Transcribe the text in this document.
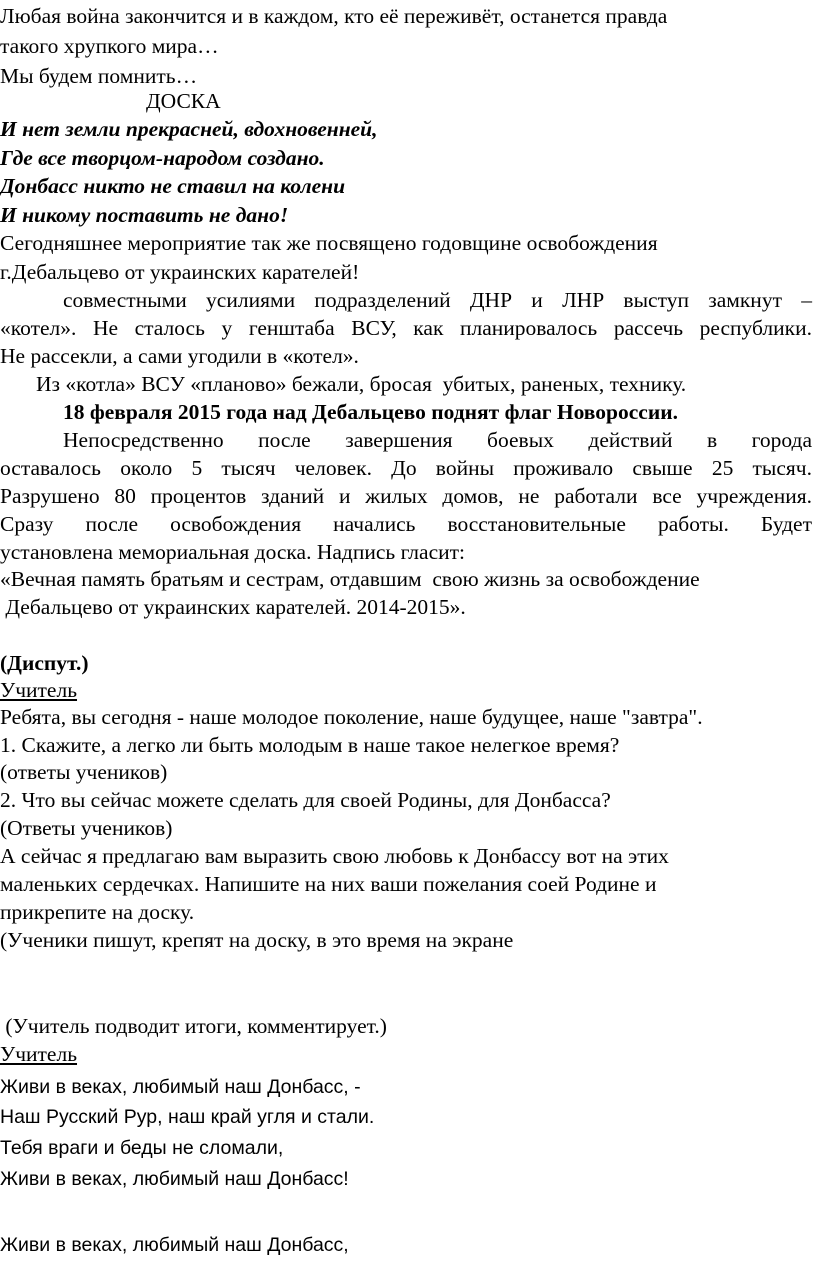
Любая война закончится и в каждом, кто её переживёт, останется правда

такого хрупкого мира…

Мы будем помнить…

ДОСКА

И нет земли прекрасней, вдохновенней,

Где все творцом-народом создано.

Донбасс никто не ставил на колени

И никому поставить не дано!

Сегодняшнее мероприятие так же посвящено годовщине освобождения

г.Дебальцево от украинских карателей!

совместными усилиями подразделений ДНР и ЛНР выступ замкнут –

«котел». Не сталось у генштаба ВСУ, как планировалось рассечь республики.

Не рассекли, а сами угодили в «котел».

Из «котла» ВСУ «планово» бежали, бросая  убитых, раненых, технику.

18 февраля 2015 года над Дебальцево поднят флаг Новороссии.

Непосредственно после завершения боевых действий в города

оставалось около 5 тысяч человек. До войны проживало свыше 25 тысяч.

Разрушено 80 процентов зданий и жилых домов, не работали все учреждения.

Сразу после освобождения начались восстановительные работы. Будет

установлена мемориальная доска. Надпись гласит:

«Вечная память братьям и сестрам, отдавшим  свою жизнь за освобождение

Дебальцево от украинских карателей. 2014-2015».

(Диспут.)

Учитель

Ребята, вы сегодня - наше молодое поколение, наше будущее, наше "завтра".

1. Скажите, а легко ли быть молодым в наше такое нелегкое время?

(ответы учеников)

2. Что вы сейчас можете сделать для своей Родины, для Донбасса?

(Ответы учеников)

А сейчас я предлагаю вам выразить свою любовь к Донбассу вот на этих

маленьких сердечках. Напишите на них ваши пожелания соей Родине и

прикрепите на доску.

(Ученики пишут, крепят на доску, в это время на экране

(Учитель подводит итоги, комментирует.)

Учитель

Живи в веках, любимый наш Донбасс, -

Наш Русский Рур, наш край угля и стали.

Тебя враги и беды не сломали,

Живи в веках, любимый наш Донбасс!

Живи в веках, любимый наш Донбасс,
